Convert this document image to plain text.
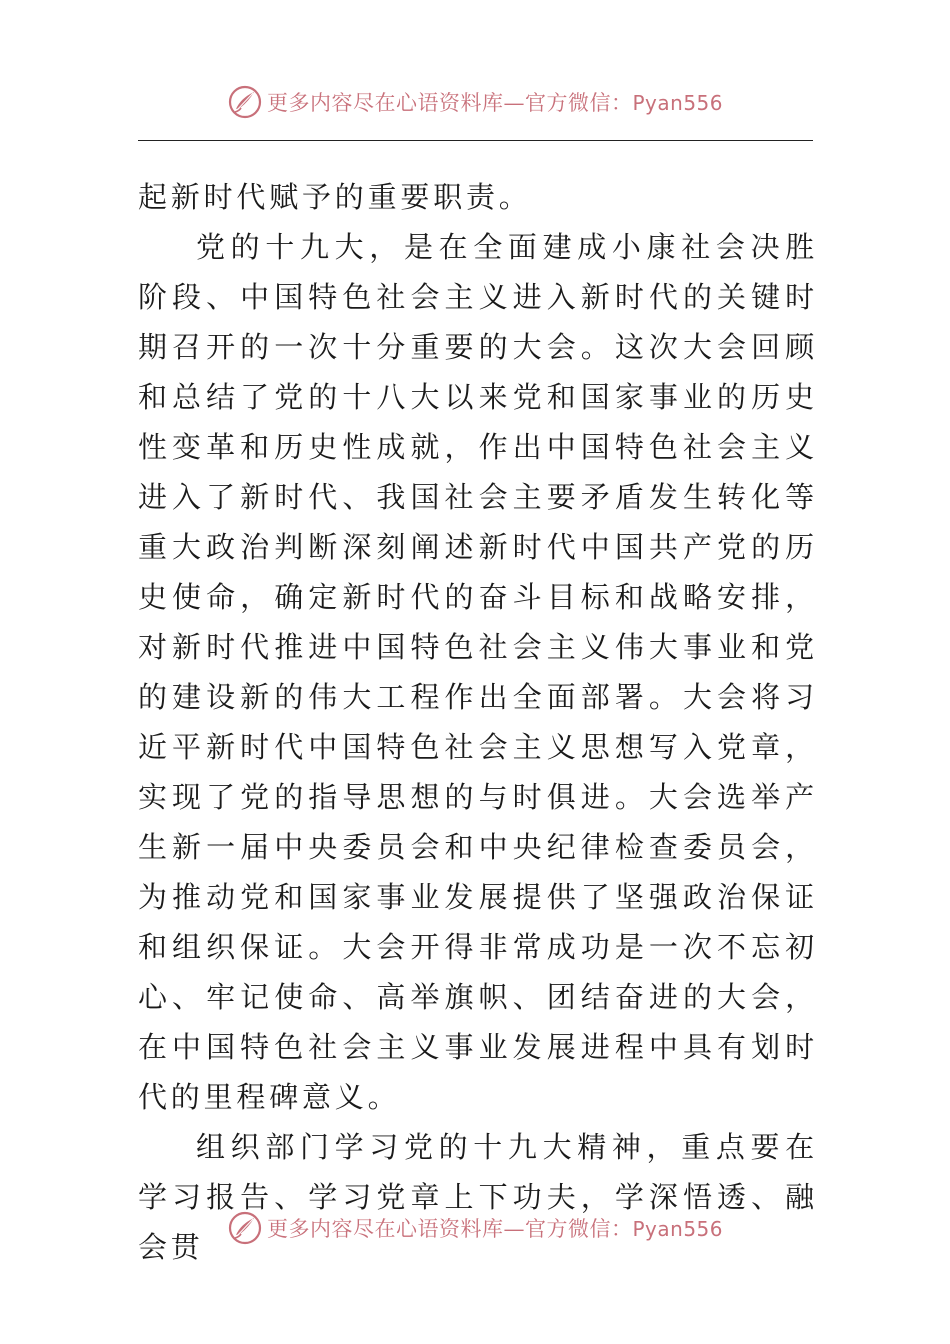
更多内容尽在心语资料库—官方微信：Pyan556

起新时代赋予的重要职责。

党的十九大，是在全面建成小康社会决胜阶段、中国特色社会主义进入新时代的关键时期召开的一次十分重要的大会。这次大会回顾和总结了党的十八大以来党和国家事业的历史性变革和历史性成就，作出中国特色社会主义进入了新时代、我国社会主要矛盾发生转化等重大政治判断深刻阐述新时代中国共产党的历史使命，确定新时代的奋斗目标和战略安排，对新时代推进中国特色社会主义伟大事业和党的建设新的伟大工程作出全面部署。大会将习近平新时代中国特色社会主义思想写入党章，实现了党的指导思想的与时俱进。大会选举产生新一届中央委员会和中央纪律检查委员会，为推动党和国家事业发展提供了坚强政治保证和组织保证。大会开得非常成功是一次不忘初心、牢记使命、高举旗帜、团结奋进的大会，在中国特色社会主义事业发展进程中具有划时代的里程碑意义。

组织部门学习党的十九大精神，重点要在学习报告、学习党章上下功夫，学深悟透、融会贯

更多内容尽在心语资料库—官方微信：Pyan556
